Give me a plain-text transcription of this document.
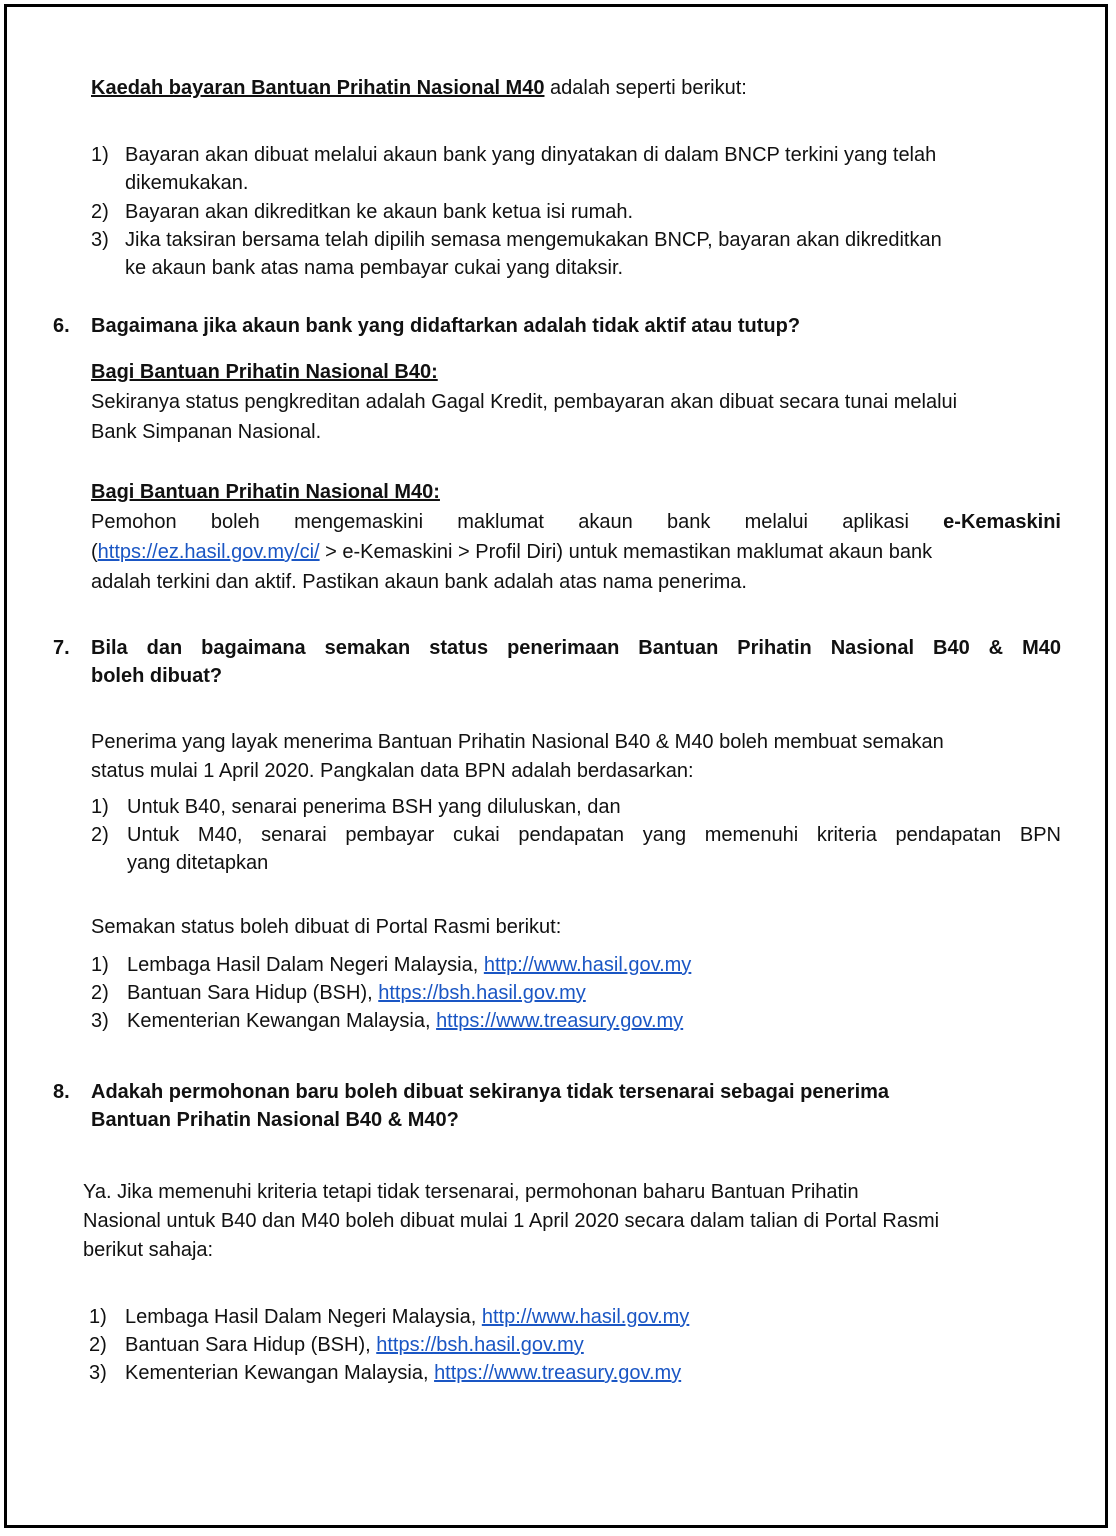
Kaedah bayaran Bantuan Prihatin Nasional M40 adalah seperti berikut:
1) Bayaran akan dibuat melalui akaun bank yang dinyatakan di dalam BNCP terkini yang telah
dikemukakan.
2) Bayaran akan dikreditkan ke akaun bank ketua isi rumah.
3) Jika taksiran bersama telah dipilih semasa mengemukakan BNCP, bayaran akan dikreditkan
ke akaun bank atas nama pembayar cukai yang ditaksir.
6. Bagaimana jika akaun bank yang didaftarkan adalah tidak aktif atau tutup?
Bagi Bantuan Prihatin Nasional B40:
Sekiranya status pengkreditan adalah Gagal Kredit, pembayaran akan dibuat secara tunai melalui
Bank Simpanan Nasional.
Bagi Bantuan Prihatin Nasional M40:
Pemohon boleh mengemaskini maklumat akaun bank melalui aplikasi e-Kemaskini
(https://ez.hasil.gov.my/ci/ > e-Kemaskini > Profil Diri) untuk memastikan maklumat akaun bank
adalah terkini dan aktif. Pastikan akaun bank adalah atas nama penerima.
7. Bila dan bagaimana semakan status penerimaan Bantuan Prihatin Nasional B40 & M40
boleh dibuat?
Penerima yang layak menerima Bantuan Prihatin Nasional B40 & M40 boleh membuat semakan
status mulai 1 April 2020. Pangkalan data BPN adalah berdasarkan:
1) Untuk B40, senarai penerima BSH yang diluluskan, dan
2) Untuk M40, senarai pembayar cukai pendapatan yang memenuhi kriteria pendapatan BPN
yang ditetapkan
Semakan status boleh dibuat di Portal Rasmi berikut:
1) Lembaga Hasil Dalam Negeri Malaysia, http://www.hasil.gov.my
2) Bantuan Sara Hidup (BSH), https://bsh.hasil.gov.my
3) Kementerian Kewangan Malaysia, https://www.treasury.gov.my
8. Adakah permohonan baru boleh dibuat sekiranya tidak tersenarai sebagai penerima
Bantuan Prihatin Nasional B40 & M40?
Ya. Jika memenuhi kriteria tetapi tidak tersenarai, permohonan baharu Bantuan Prihatin
Nasional untuk B40 dan M40 boleh dibuat mulai 1 April 2020 secara dalam talian di Portal Rasmi
berikut sahaja:
1) Lembaga Hasil Dalam Negeri Malaysia, http://www.hasil.gov.my
2) Bantuan Sara Hidup (BSH), https://bsh.hasil.gov.my
3) Kementerian Kewangan Malaysia, https://www.treasury.gov.my
